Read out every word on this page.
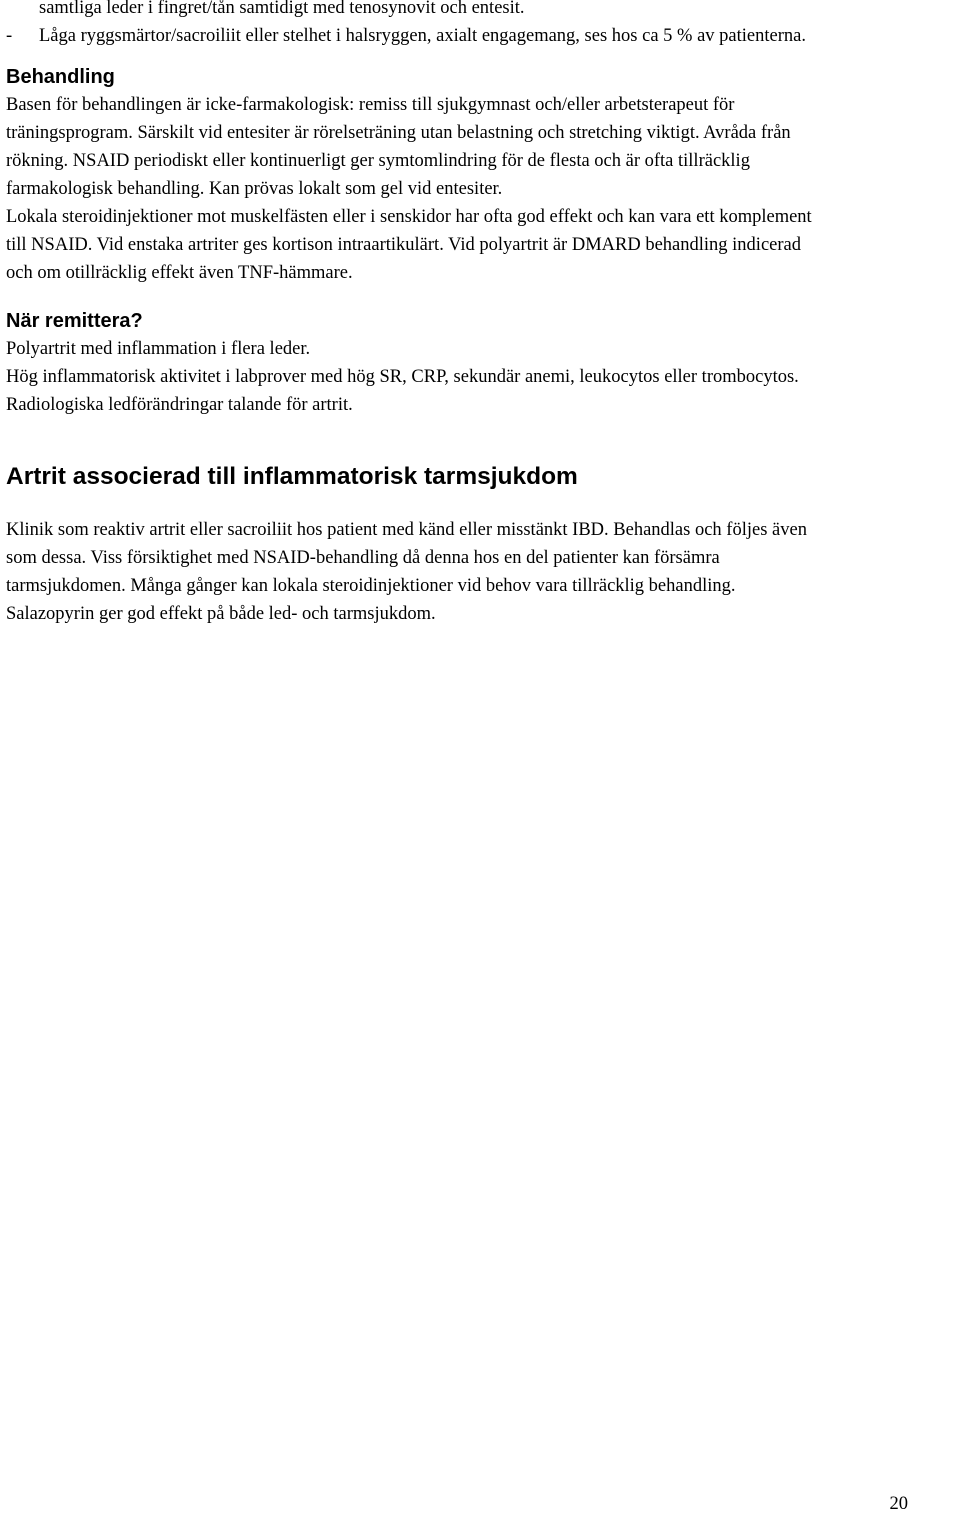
samtliga leder i fingret/tån samtidigt med tenosynovit och entesit.
- Låga ryggsmärtor/sacroiliit eller stelhet i halsryggen, axialt engagemang, ses hos ca 5 % av patienterna.
Behandling
Basen för behandlingen är icke-farmakologisk: remiss till sjukgymnast och/eller arbetsterapeut för
träningsprogram. Särskilt vid entesiter är rörelseträning utan belastning och stretching viktigt. Avråda från
rökning. NSAID periodiskt eller kontinuerligt ger symtomlindring för de flesta och är ofta tillräcklig
farmakologisk behandling. Kan prövas lokalt som gel vid entesiter.
Lokala steroidinjektioner mot muskelfästen eller i senskidor har ofta god effekt och kan vara ett komplement
till NSAID. Vid enstaka artriter ges kortison intraartikulärt. Vid polyartrit är DMARD behandling indicerad
och om otillräcklig effekt även TNF-hämmare.
När remittera?
Polyartrit med inflammation i flera leder.
Hög inflammatorisk aktivitet i labprover med hög SR, CRP, sekundär anemi, leukocytos eller trombocytos.
Radiologiska ledförändringar talande för artrit.
Artrit associerad till inflammatorisk tarmsjukdom
Klinik som reaktiv artrit eller sacroiliit hos patient med känd eller misstänkt IBD. Behandlas och följes även
som dessa. Viss försiktighet med NSAID-behandling då denna hos en del patienter kan försämra
tarmsjukdomen. Många gånger kan lokala steroidinjektioner vid behov vara tillräcklig behandling.
Salazopyrin ger god effekt på både led- och tarmsjukdom.
20
